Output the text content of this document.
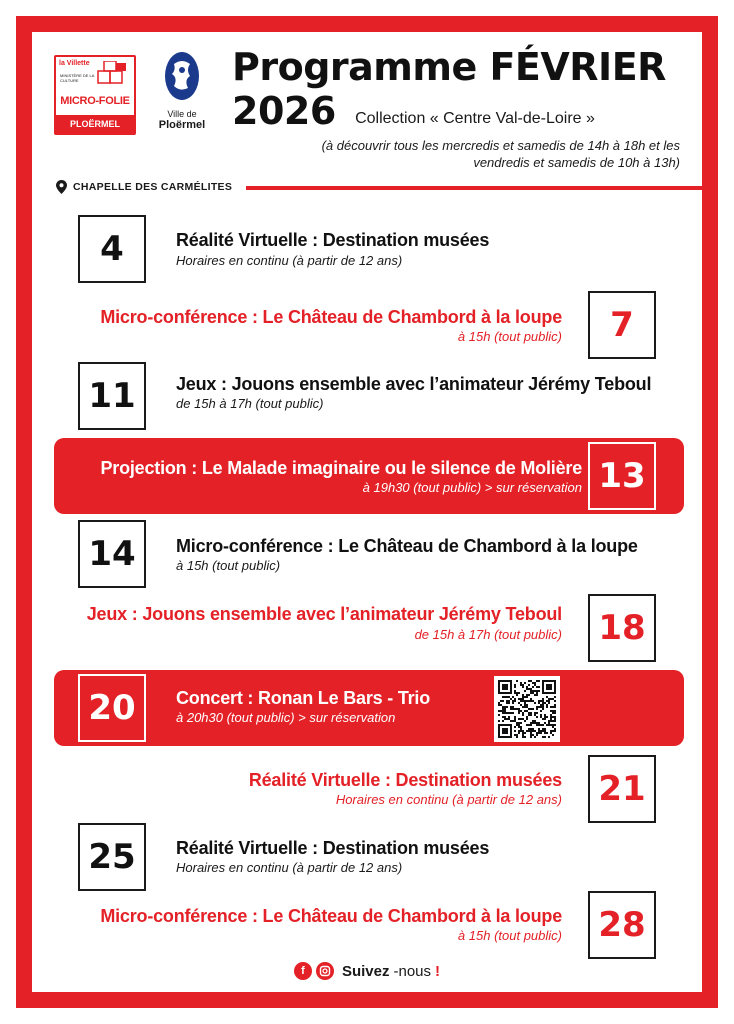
la Villette
MINISTÈRE DE LA CULTURE
MICRO-FOLIE
PLOËRMEL
Ville de
Ploërmel
Programme FÉVRIER 2026	Collection « Centre Val-de-Loire »
(à découvrir tous les mercredis et samedis de 14h à 18h et les vendredis et samedis de 10h à 13h)
CHAPELLE DES CARMÉLITES
4	Réalité Virtuelle : Destination musées
Horaires en continu (à partir de 12 ans)
Micro-conférence : Le Château de Chambord à la loupe
à 15h (tout public)	7
11	Jeux : Jouons ensemble avec l’animateur Jérémy Teboul
de 15h à 17h (tout public)
Projection : Le Malade imaginaire ou le silence de Molière
à 19h30 (tout public) > sur réservation 13
14	Micro-conférence : Le Château de Chambord à la loupe
à 15h (tout public)
Jeux : Jouons ensemble avec l’animateur Jérémy Teboul
de 15h à 17h (tout public)	18
20	Concert : Ronan Le Bars - Trio
à 20h30 (tout public) > sur réservation
Réalité Virtuelle : Destination musées
Horaires en continu (à partir de 12 ans)	21
25	Réalité Virtuelle : Destination musées
Horaires en continu (à partir de 12 ans)
Micro-conférence : Le Château de Chambord à la loupe
à 15h (tout public)	28
f	Suivez -nous !
